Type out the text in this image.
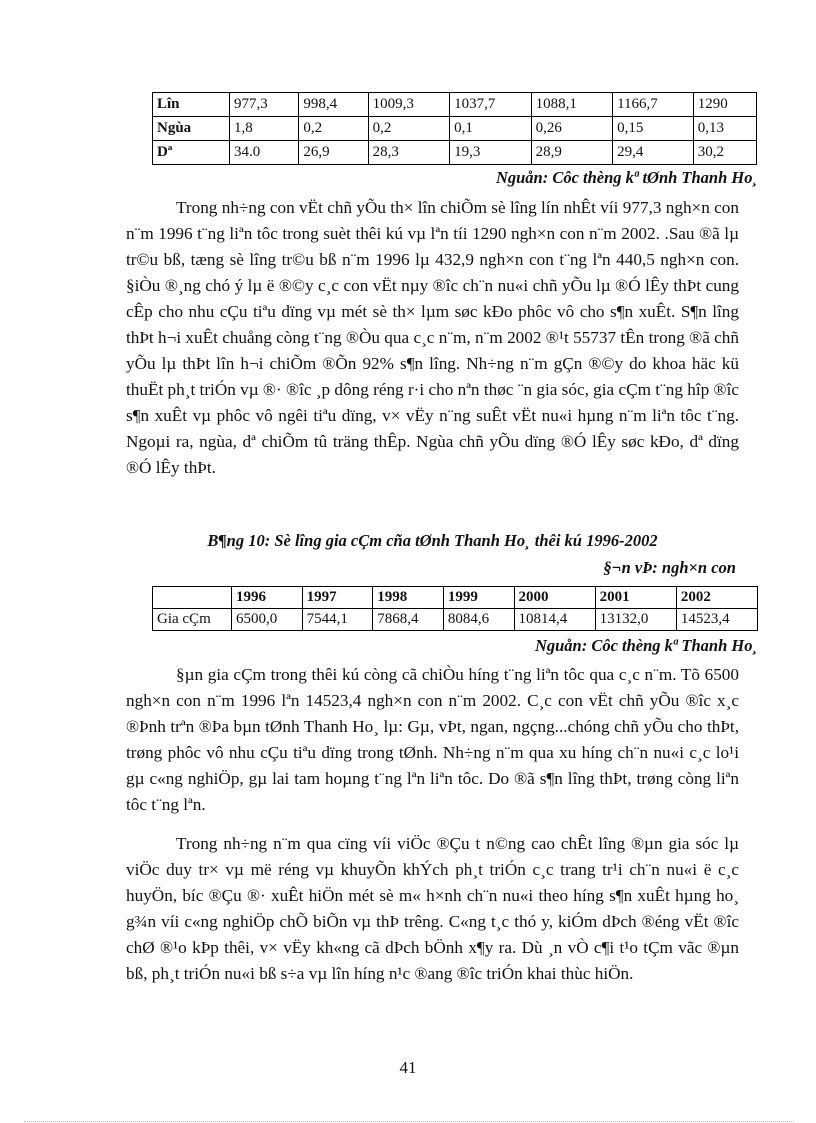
Lîn	977,3	998,4	1009,3	1037,7	1088,1	1166,7	1290
Ngùa	1,8	0,2	0,2	0,1	0,26	0,15	0,13
Dª	34.0	26,9	28,3	19,3	28,9	29,4	30,2
Nguån: Côc thèng kª tØnh Thanh Ho¸

Trong nh÷ng con vËt chñ yÕu th× lîn chiÕm sè lîng lín nhÊt víi 977,3 ngh×n con n¨m 1996 t¨ng liªn tôc trong suèt thêi kú vµ lªn tíi 1290 ngh×n con n¨m 2002. .Sau ®ã lµ tr©u bß, tæng sè lîng tr©u bß n¨m 1996 lµ 432,9 ngh×n con t¨ng lªn 440,5 ngh×n con. §iÒu ®¸ng chó ý lµ ë ®©y c¸c con vËt nµy ®îc ch¨n nu«i chñ yÕu lµ ®Ó lÊy thÞt cung cÊp cho nhu cÇu tiªu dïng vµ mét sè th× lµm søc kÐo phôc vô cho s¶n xuÊt. S¶n lîng thÞt h¬i xuÊt chuång còng t¨ng ®Òu qua c¸c n¨m, n¨m 2002 ®¹t 55737 tÊn trong ®ã chñ yÕu lµ thÞt lîn h¬i chiÕm ®Õn 92% s¶n lîng. Nh÷ng n¨m gÇn ®©y do khoa häc kü thuËt ph¸t triÓn vµ ®· ®îc ¸p dông réng r·i cho nªn thøc ¨n gia sóc, gia cÇm t¨ng hîp ®îc s¶n xuÊt vµ phôc vô ngêi tiªu dïng, v× vËy n¨ng suÊt vËt nu«i hµng n¨m liªn tôc t¨ng. Ngoµi ra, ngùa, dª chiÕm tû träng thÊp. Ngùa chñ yÕu dïng ®Ó lÊy søc kÐo, dª dïng ®Ó lÊy thÞt.

B¶ng 10: Sè lîng gia cÇm cña tØnh Thanh Ho¸ thêi kú 1996-2002
§¬n vÞ: ngh×n con
	1996	1997	1998	1999	2000	2001	2002
Gia cÇm	6500,0	7544,1	7868,4	8084,6	10814,4	13132,0	14523,4
Nguån: Côc thèng kª Thanh Ho¸

§µn gia cÇm trong thêi kú còng cã chiÒu híng t¨ng liªn tôc qua c¸c n¨m. Tõ 6500 ngh×n con n¨m 1996 lªn 14523,4 ngh×n con n¨m 2002. C¸c con vËt chñ yÕu ®îc x¸c ®Þnh trªn ®Þa bµn tØnh Thanh Ho¸ lµ: Gµ, vÞt, ngan, ngçng...chóng chñ yÕu cho thÞt, trøng phôc vô nhu cÇu tiªu dïng trong tØnh. Nh÷ng n¨m qua xu híng ch¨n nu«i c¸c lo¹i gµ c«ng nghiÖp, gµ lai tam hoµng t¨ng lªn liªn tôc. Do ®ã s¶n lîng thÞt, trøng còng liªn tôc t¨ng lªn.

Trong nh÷ng n¨m qua cïng víi viÖc ®Çu t n©ng cao chÊt lîng ®µn gia sóc lµ viÖc duy tr× vµ më réng vµ khuyÕn khÝch ph¸t triÓn c¸c trang tr¹i ch¨n nu«i ë c¸c huyÖn, bíc ®Çu ®· xuÊt hiÖn mét sè m« h×nh ch¨n nu«i theo híng s¶n xuÊt hµng ho¸ g¾n víi c«ng nghiÖp chÕ biÕn vµ thÞ trêng. C«ng t¸c thó y, kiÓm dÞch ®éng vËt ®îc chØ ®¹o kÞp thêi, v× vËy kh«ng cã dÞch bÖnh x¶y ra. Dù ¸n vÒ c¶i t¹o tÇm vãc ®µn bß, ph¸t triÓn nu«i bß s÷a vµ lîn híng n¹c ®ang ®îc triÓn khai thùc hiÖn.

41
